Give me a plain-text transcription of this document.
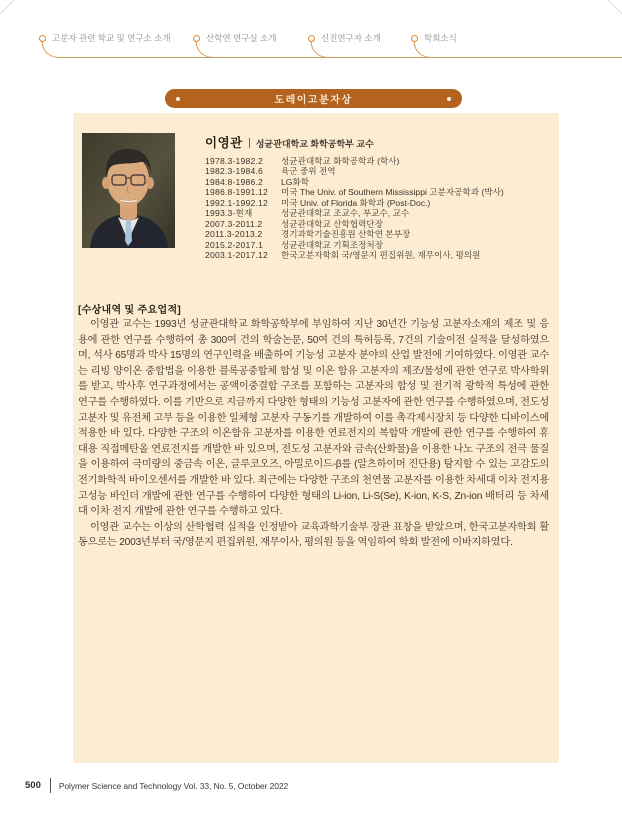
고분자 관련 학교 및 연구소 소개	산학연 연구실 소개	신진연구자 소개	학회소식
도레이고분자상
이영관 성균관대학교 화학공학부 교수
1978.3-1982.2	성균관대학교 화학공학과 (학사)
1982.3-1984.6	육군 중위 전역
1984.8-1986.2	LG화학
1986.8-1991.12	미국 The Univ. of Southern Mississippi 고분자공학과 (박사)
1992.1-1992.12	미국 Univ. of Florida 화학과 (Post-Doc.)
1993.3-현재	성균관대학교 조교수, 부교수, 교수
2007.3-2011.2	성균관대학교 산학협력단장
2011.3-2013.2	경기과학기술진흥원 산학연 본부장
2015.2-2017.1	성균관대학교 기획조정처장
2003.1-2017.12	한국고분자학회 국/영문지 편집위원, 재무이사, 평의원
[수상내역 및 주요업적]

이영관 교수는 1993년 성균관대학교 화학공학부에 부임하여 지난 30년간 기능성 고분자소재의 제조 및 응용에 관한 연구를 수행하여 총 300여 건의 학술논문, 50여 건의 특허등록, 7건의 기술이전 실적을 달성하였으며, 석사 65명과 박사 15명의 연구인력을 배출하여 기능성 고분자 분야의 산업 발전에 기여하였다. 이영관 교수는 리빙 양이온 중합법을 이용한 블록공중합체 합성 및 이온 함유 고분자의 제조/물성에 관한 연구로 박사학위를 받고, 박사후 연구과정에서는 공액이중결합 구조를 포함하는 고분자의 합성 및 전기적 광학적 특성에 관한 연구를 수행하였다. 이를 기반으로 지금까지 다양한 형태의 기능성 고분자에 관한 연구를 수행하였으며, 전도성 고분자 및 유전체 고무 등을 이용한 일체형 고분자 구동기를 개발하여 이를 촉각제시장치 등 다양한 디바이스에 적용한 바 있다. 다양한 구조의 이온함유 고분자를 이용한 연료전지의 복합막 개발에 관한 연구를 수행하여 휴대용 직접메탄올 연료전지를 개발한 바 있으며, 전도성 고분자와 금속(산화물)을 이용한 나노 구조의 전극 물질을 이용하여 극미량의 중금속 이온, 글루코오즈, 아밀로이드-β를 (알츠하이머 진단용) 탐지할 수 있는 고감도의 전기화학적 바이오센서를 개발한 바 있다. 최근에는 다양한 구조의 천연물 고분자를 이용한 차세대 이차 전지용 고성능 바인더 개발에 관한 연구를 수행하여 다양한 형태의 Li-ion, Li-S(Se), K-ion, K-S, Zn-ion 배터리 등 차세대 이차 전지 개발에 관한 연구를 수행하고 있다.

이영관 교수는 이상의 산학협력 실적을 인정받아 교육과학기술부 장관 표창을 받았으며, 한국고분자학회 활동으로는 2003년부터 국/영문지 편집위원, 재무이사, 평의원 등을 역임하여 학회 발전에 이바지하였다.

500 Polymer Science and Technology Vol. 33, No. 5, October 2022
